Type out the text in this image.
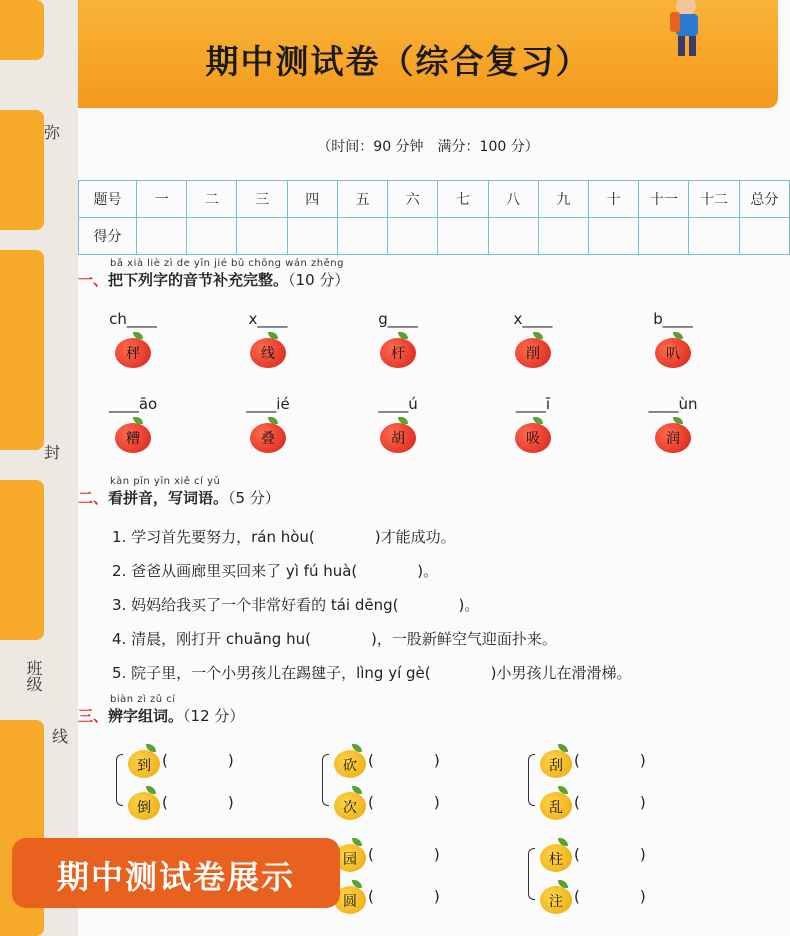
弥
封
班级
线
期中测试卷（综合复习）
（时间：90 分钟　满分：100 分）
题号	一	二	三	四	五	六	七	八	九	十	十一	十二	总分
得分													
bǎ xià liè zì de yīn jié bǔ chōng wán zhěng
一、把下列字的音节补充完整。（10 分）
ch____
秤
x____
线
g____
杆
x____
削
b____
叭
____āo
糟
____ié
叠
____ú
胡
____ī
吸
____ùn
润
kàn pīn yīn xiě cí yǔ
二、看拼音，写词语。（5 分）
1. 学习首先要努力，rán hòu(　　　　)才能成功。
2. 爸爸从画廊里买回来了 yì fú huà(　　　　)。
3. 妈妈给我买了一个非常好看的 tái dēng(　　　　)。
4. 清晨，刚打开 chuāng hu(　　　　)，一股新鲜空气迎面扑来。
5. 院子里，一个小男孩儿在踢毽子，lìng yí gè(　　　　)小男孩儿在滑滑梯。
biàn zì zǔ cí
三、辨字组词。（12 分）
到 (　　　　)
倒 (　　　　)
砍 (　　　　)
次 (　　　　)
园 (　　　　)
圆 (　　　　)
刮 (　　　　)
乱 (　　　　)
柱 (　　　　)
注 (　　　　)
期中测试卷展示
